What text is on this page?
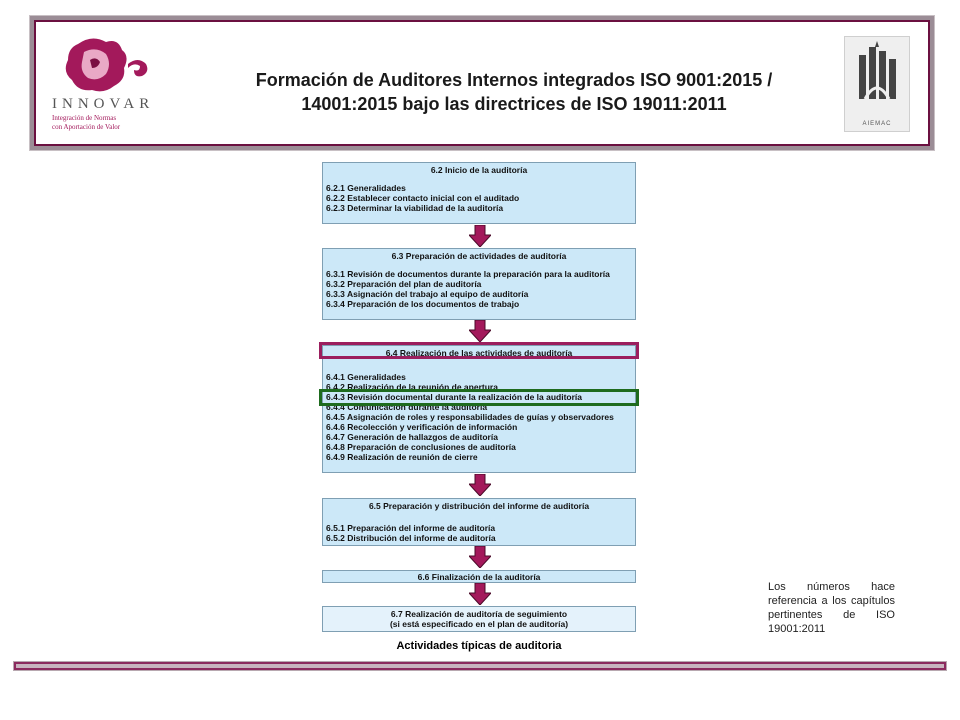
INNOVAR
Integración de Normas
con Aportación de Valor
Formación de Auditores Internos integrados ISO 9001:2015 /
14001:2015 bajo las directrices de ISO 19011:2011
AIEMAC
6.2 Inicio de la auditoría
6.2.1 Generalidades
6.2.2 Establecer contacto inicial con el auditado
6.2.3 Determinar la viabilidad de la auditoría
6.3 Preparación de actividades de auditoría
6.3.1 Revisión de documentos durante la preparación para la auditoría
6.3.2 Preparación del plan de auditoría
6.3.3 Asignación del trabajo al equipo de auditoría
6.3.4 Preparación de los documentos de trabajo
6.4 Realización de las actividades de auditoría
6.4.1 Generalidades
6.4.2 Realización de la reunión de apertura
6.4.3 Revisión documental durante la realización de la auditoría
6.4.4 Comunicación durante la auditoría
6.4.5 Asignación de roles y responsabilidades de guías y observadores
6.4.6 Recolección y verificación de información
6.4.7 Generación de hallazgos de auditoría
6.4.8 Preparación de conclusiones de auditoría
6.4.9 Realización de reunión de cierre
6.5 Preparación y distribución del informe de auditoría
6.5.1 Preparación del informe de auditoría
6.5.2 Distribución del informe de auditoría
6.6 Finalización de la auditoría
6.7 Realización de auditoría de seguimiento
(si está especificado en el plan de auditoría)
Actividades típicas de auditoria
Los números hace referencia a los capítulos pertinentes de ISO 19001:2011
